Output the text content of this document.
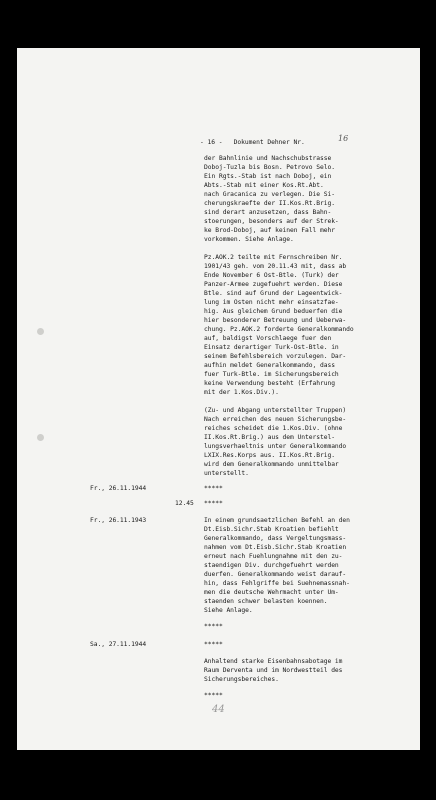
- 16 -   Dokument Dehner Nr.	16
der Bahnlinie und Nachschubstrasse
Doboj-Tuzla bis Bosn. Petrovo Selo.
Ein Rgts.-Stab ist nach Doboj, ein
Abts.-Stab mit einer Kos.Rt.Abt.
nach Gracanica zu verlegen. Die Si-
cherungskraefte der II.Kos.Rt.Brig.
sind derart anzusetzen, dass Bahn-
stoerungen, besonders auf der Strek-
ke Brod-Doboj, auf keinen Fall mehr
vorkommen. Siehe Anlage.
Pz.AOK.2 teilte mit Fernschreiben Nr.
1901/43 geh. vom 20.11.43 mit, dass ab
Ende November 6 Ost-Btle. (Turk) der
Panzer-Armee zugefuehrt werden. Diese
Btle. sind auf Grund der Lageentwick-
lung im Osten nicht mehr einsatzfae-
hig. Aus gleichem Grund beduerfen die
hier besonderer Betreuung und Ueberwa-
chung. Pz.AOK.2 forderte Generalkommando
auf, baldigst Vorschlaege fuer den
Einsatz derartiger Turk-Ost-Btle. in
seinem Befehlsbereich vorzulegen. Dar-
aufhin meldet Generalkommando, dass
fuer Turk-Btle. im Sicherungsbereich
keine Verwendung besteht (Erfahrung
mit der 1.Kos.Div.).
(Zu- und Abgang unterstellter Truppen)
Nach erreichen des neuen Sicherungsbe-
reiches scheidet die 1.Kos.Div. (ohne
II.Kos.Rt.Brig.) aus dem Unterstel-
lungsverhaeltnis unter Generalkommando
LXIX.Res.Korps aus. II.Kos.Rt.Brig.
wird dem Generalkommando unmittelbar
unterstellt.
Fr., 26.11.1944	*****
12.45 *****
Fr., 26.11.1943	In einem grundsaetzlichen Befehl an den
Dt.Eisb.Sichr.Stab Kroatien befiehlt
Generalkommando, dass Vergeltungsmass-
nahmen vom Dt.Eisb.Sichr.Stab Kroatien
erneut nach Fuehlungnahme mit den zu-
staendigen Div. durchgefuehrt werden
duerfen. Generalkommando weist darauf-
hin, dass Fehlgriffe bei Suehnemassnah-
men die deutsche Wehrmacht unter Um-
staenden schwer belasten koennen.
Siehe Anlage.
*****
Sa., 27.11.1944	*****
Anhaltend starke Eisenbahnsabotage im
Raum Derventa und im Nordwestteil des
Sicherungsbereiches.
*****
44
